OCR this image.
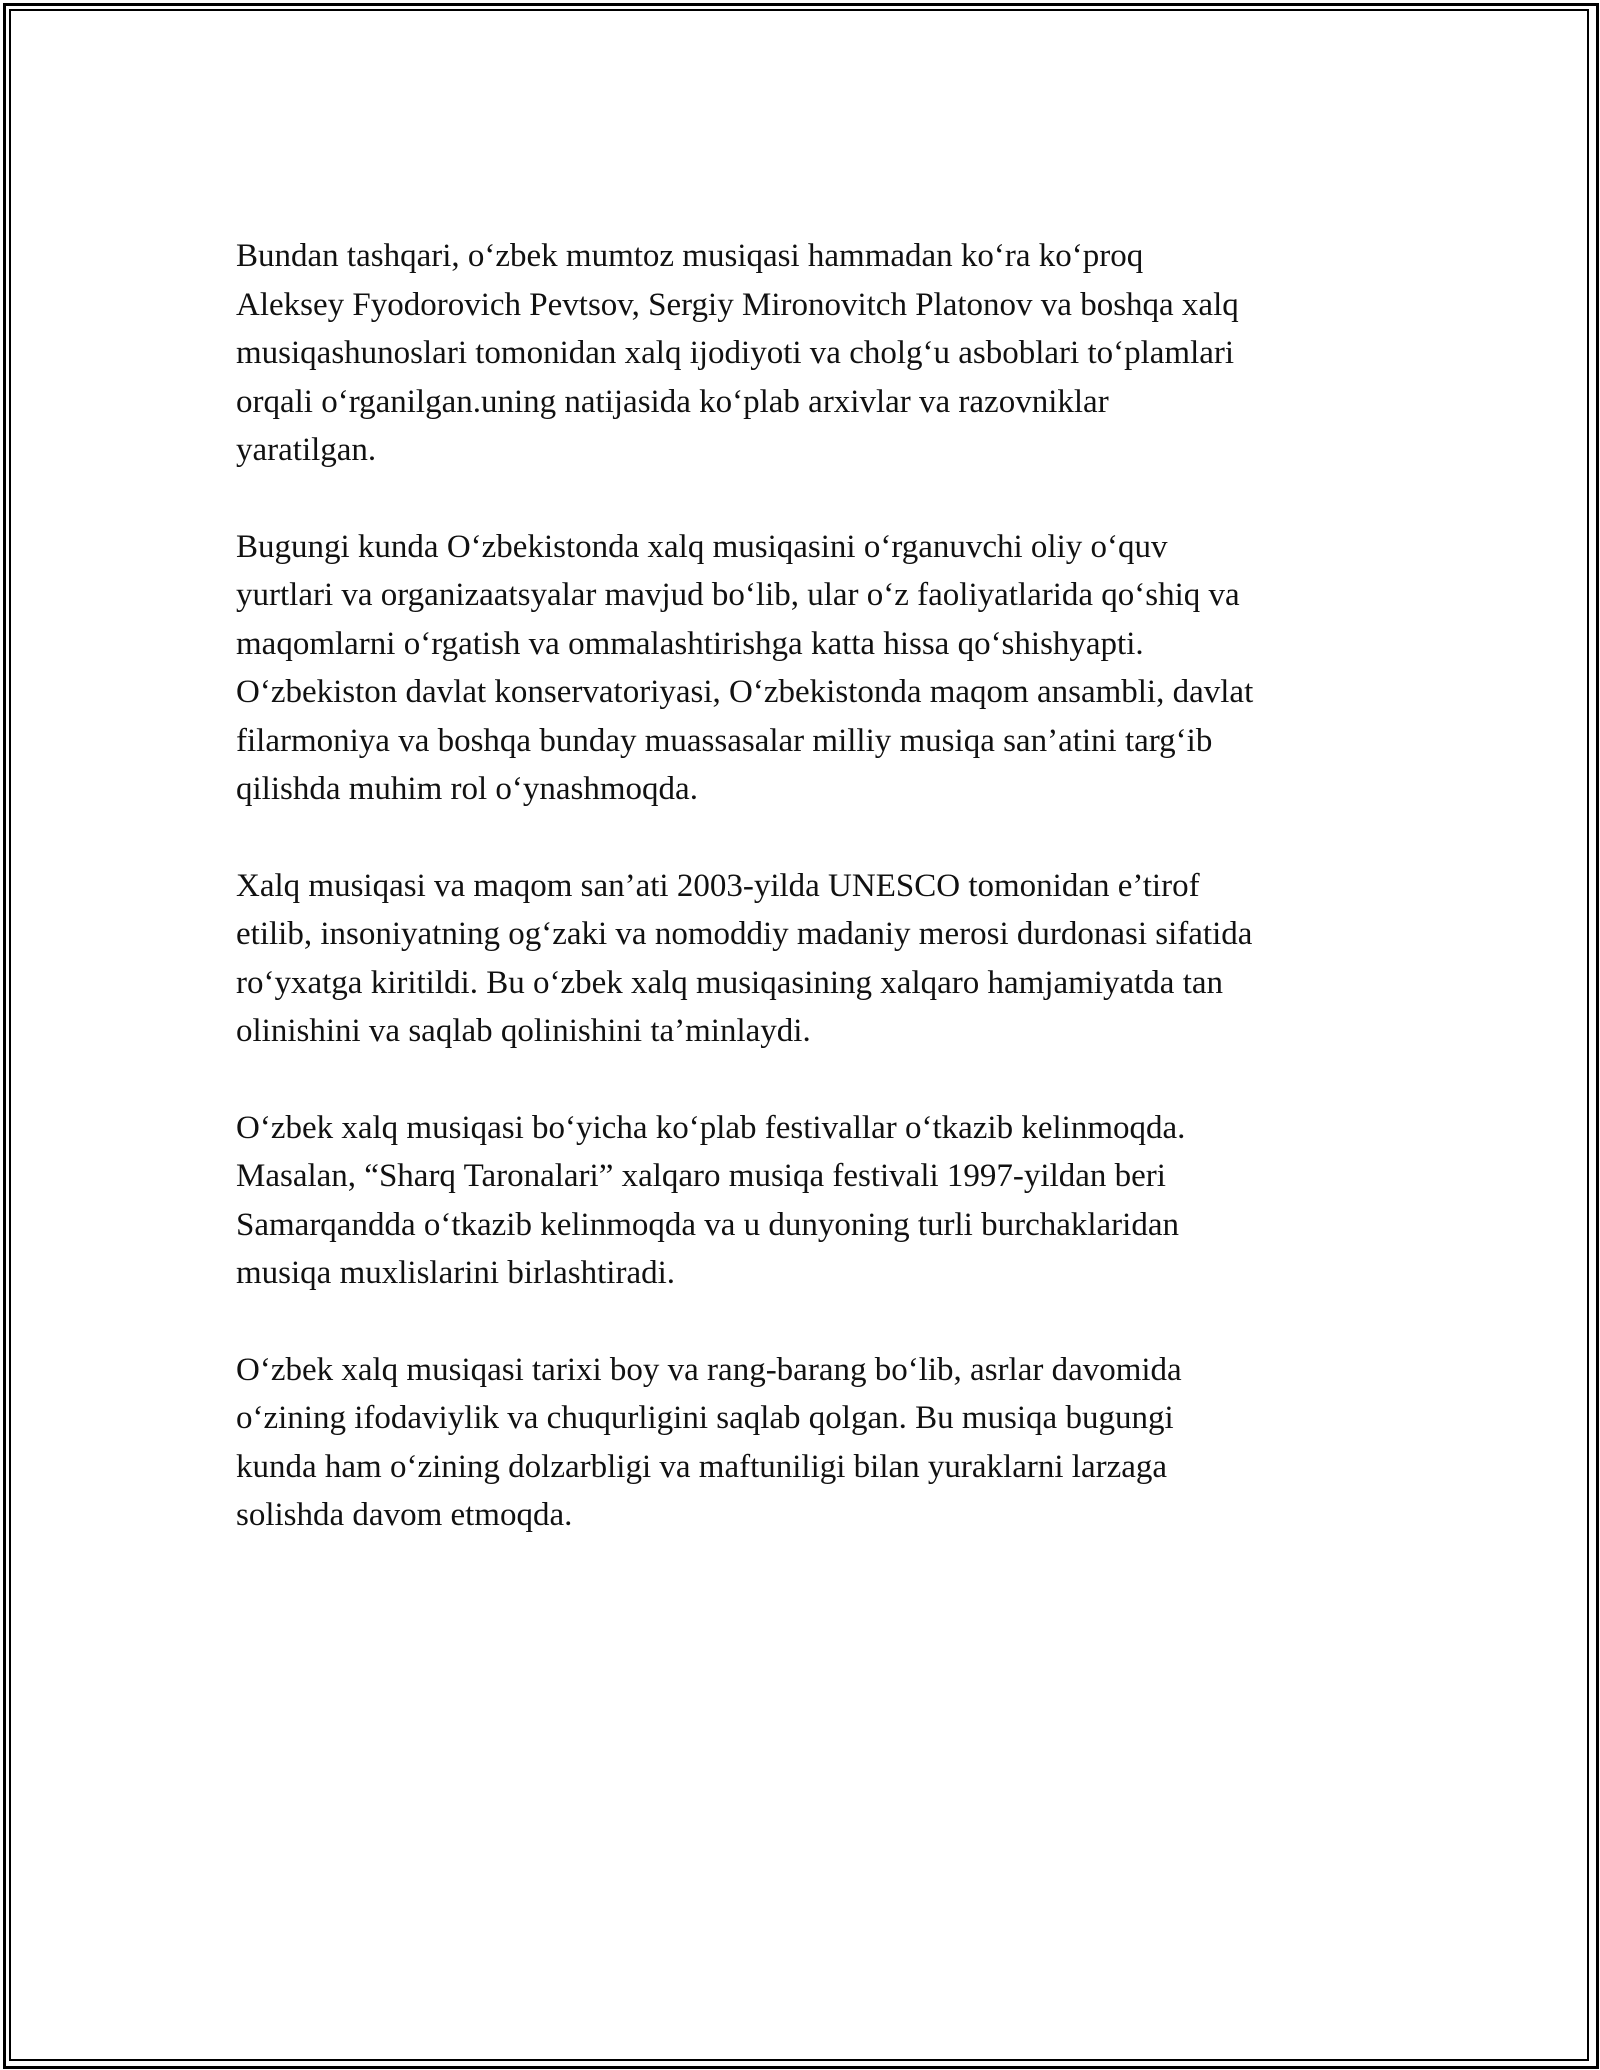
Bundan tashqari, o‘zbek mumtoz musiqasi hammadan ko‘ra ko‘proq
Aleksey Fyodorovich Pevtsov, Sergiy Mironovitch Platonov va boshqa xalq
musiqashunoslari tomonidan xalq ijodiyoti va cholg‘u asboblari to‘plamlari
orqali o‘rganilgan.uning natijasida ko‘plab arxivlar va razovniklar
yaratilgan.

Bugungi kunda O‘zbekistonda xalq musiqasini o‘rganuvchi oliy o‘quv
yurtlari va organizaatsyalar mavjud bo‘lib, ular o‘z faoliyatlarida qo‘shiq va
maqomlarni o‘rgatish va ommalashtirishga katta hissa qo‘shishyapti.
O‘zbekiston davlat konservatoriyasi, O‘zbekistonda maqom ansambli, davlat
filarmoniya va boshqa bunday muassasalar milliy musiqa san’atini targ‘ib
qilishda muhim rol o‘ynashmoqda.

Xalq musiqasi va maqom san’ati 2003-yilda UNESCO tomonidan e’tirof
etilib, insoniyatning og‘zaki va nomoddiy madaniy merosi durdonasi sifatida
ro‘yxatga kiritildi. Bu o‘zbek xalq musiqasining xalqaro hamjamiyatda tan
olinishini va saqlab qolinishini ta’minlaydi.

O‘zbek xalq musiqasi bo‘yicha ko‘plab festivallar o‘tkazib kelinmoqda.
Masalan, “Sharq Taronalari” xalqaro musiqa festivali 1997-yildan beri
Samarqandda o‘tkazib kelinmoqda va u dunyoning turli burchaklaridan
musiqa muxlislarini birlashtiradi.

O‘zbek xalq musiqasi tarixi boy va rang-barang bo‘lib, asrlar davomida
o‘zining ifodaviylik va chuqurligini saqlab qolgan. Bu musiqa bugungi
kunda ham o‘zining dolzarbligi va maftuniligi bilan yuraklarni larzaga
solishda davom etmoqda.
